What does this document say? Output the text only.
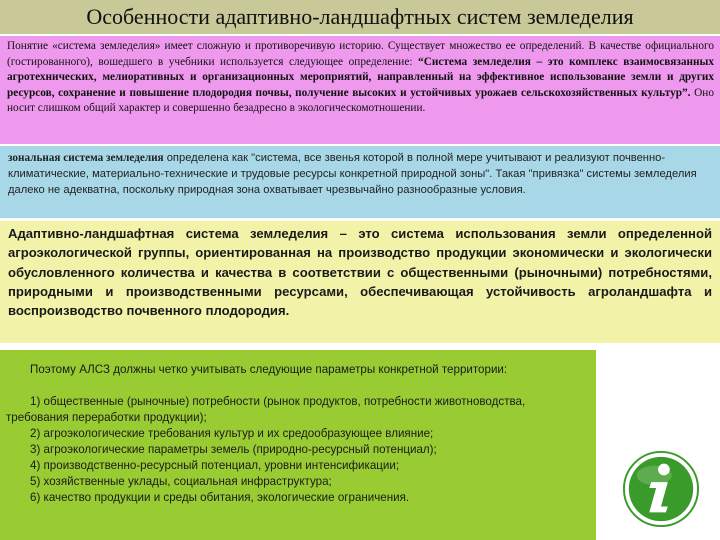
Особенности адаптивно-ландшафтных систем земледелия
Понятие «система земледелия» имеет сложную и противоречивую историю. Существует множество ее определений. В качестве официального (гостированного), вошедшего в учебники используется следующее определение: “Система земледелия – это комплекс взаимосвязанных агротехнических, мелиоративных и организационных мероприятий, направленный на эффективное использование земли и других ресурсов, сохранение и повышение плодородия почвы, получение высоких и устойчивых урожаев сельскохозяйственных культур”. Оно носит слишком общий характер и совершенно безадресно в экологическомотношении.
зональная система земледелия определена как "система, все звенья которой в полной мере учитывают и реализуют почвенно-климатические, материально-технические и трудовые ресурсы конкретной природной зоны". Такая "привязка" системы земледелия далеко не адекватна, поскольку природная зона охватывает чрезвычайно разнообразные условия.
Адаптивно-ландшафтная система земледелия – это система использования земли определенной агроэкологической группы, ориентированная на производство продукции экономически и экологически обусловленного количества и качества в соответствии с общественными (рыночными) потребностями, природными и производственными ресурсами, обеспечивающая устойчивость агроландшафта и воспроизводство почвенного плодородия.

Поэтому АЛСЗ должны четко учитывать следующие параметры конкретной территории:

1) общественные (рыночные) потребности (рынок продуктов, потребности животноводства, требования переработки продукции);
2) агроэкологические требования культур и их средообразующее влияние;
3) агроэкологические параметры земель (природно-ресурсный потенциал);
4) производственно-ресурсный потенциал, уровни интенсификации;
5) хозяйственные уклады, социальная инфраструктура;
6) качество продукции и среды обитания, экологические ограничения.
